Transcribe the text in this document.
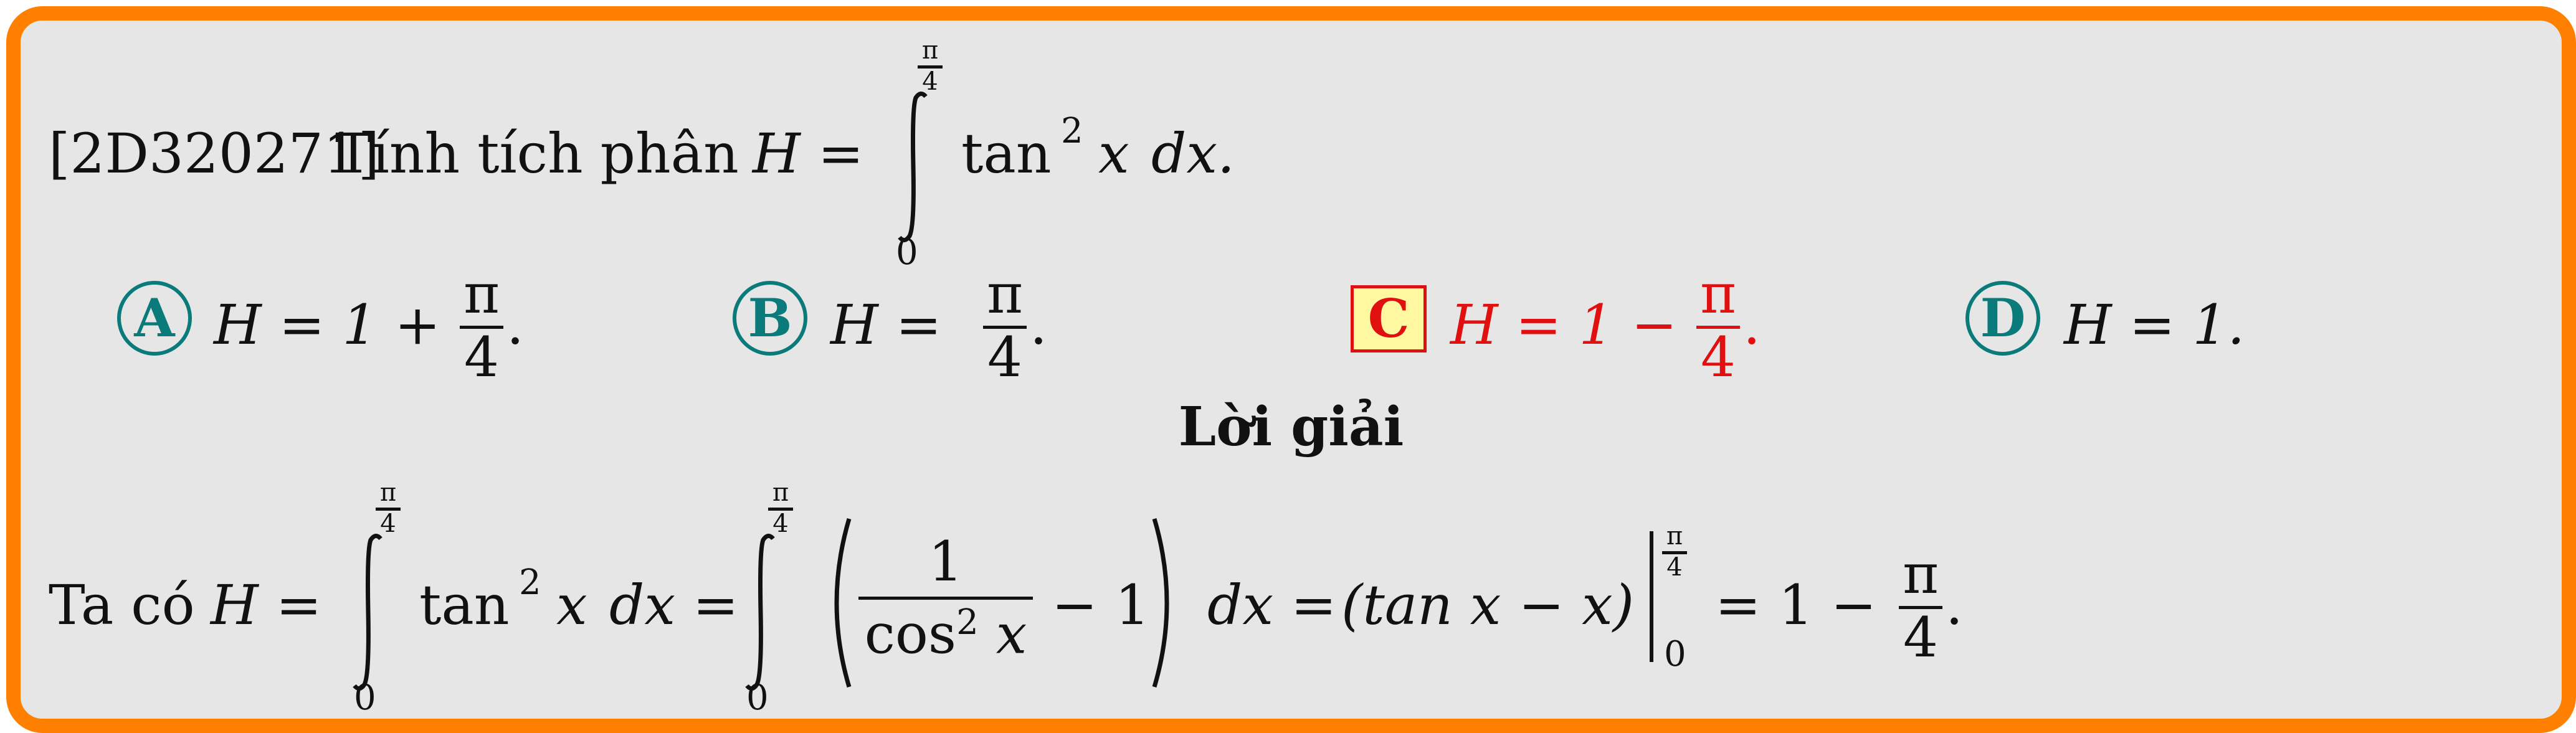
[2D320271]
Tính tích phân H =
π
4
0
tan 2 x dx.
A H = 1 + π
4
.	B H = π
4
.	C H = 1 − π
4
.	D H = 1.
Lời giải
Ta có H =
π
4
0
tan 2 x dx =
π
4
0
1
$\cos^2 x - 1$ dx = (tan x − x)
π
4
0
= 1 − π
4
.
